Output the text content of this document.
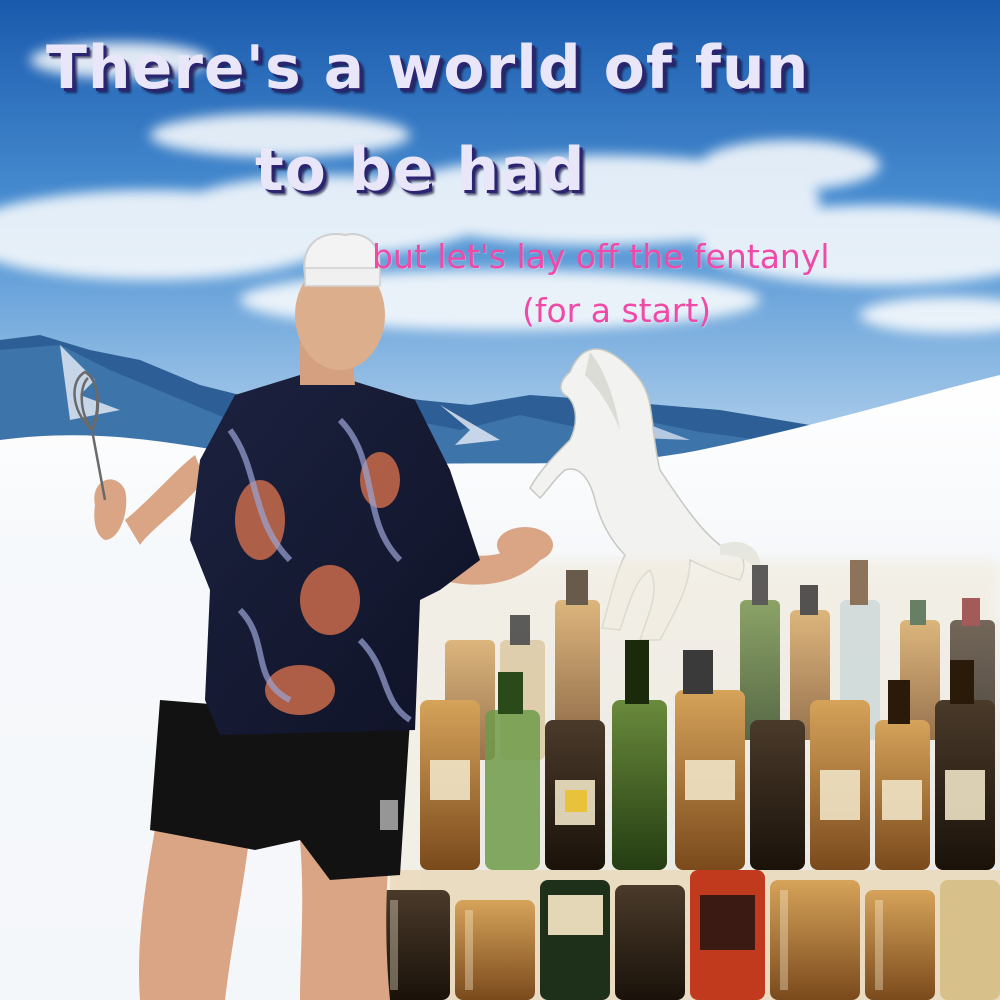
There's a world of fun
to be had

but let's lay off the fentanyl

(for a start)
